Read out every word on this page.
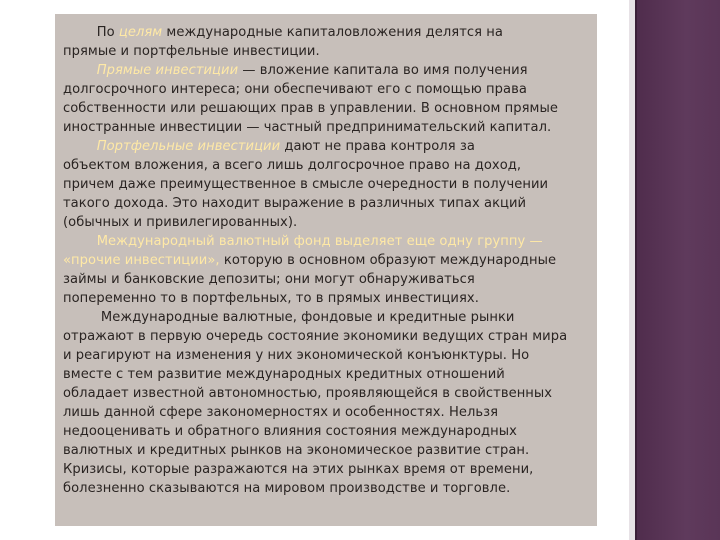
По целям международные капиталовложения делятся на
прямые и портфельные инвестиции.
Прямые инвестиции — вложение капитала во имя получения
долгосрочного интереса; они обеспечивают его с помощью права
собственности или решающих прав в управлении. В основном прямые
иностранные инвестиции — частный предпринимательский капитал.
Портфельные инвестиции дают не права контроля за
объектом вложения, а всего лишь долгосрочное право на доход,
причем даже преимущественное в смысле очередности в получении
такого дохода. Это находит выражение в различных типах акций
(обычных и привилегированных).
Международный валютный фонд выделяет еще одну группу —
«прочие инвестиции», которую в основном образуют международные
займы и банковские депозиты; они могут обнаруживаться
попеременно то в портфельных, то в прямых инвестициях.
Международные валютные, фондовые и кредитные рынки
отражают в первую очередь состояние экономики ведущих стран мира
и реагируют на изменения у них экономической конъюнктуры. Но
вместе с тем развитие международных кредитных отношений
обладает известной автономностью, проявляющейся в свойственных
лишь данной сфере закономерностях и особенностях. Нельзя
недооценивать и обратного влияния состояния международных
валютных и кредитных рынков на экономическое развитие стран.
Кризисы, которые разражаются на этих рынках время от времени,
болезненно сказываются на мировом производстве и торговле.
